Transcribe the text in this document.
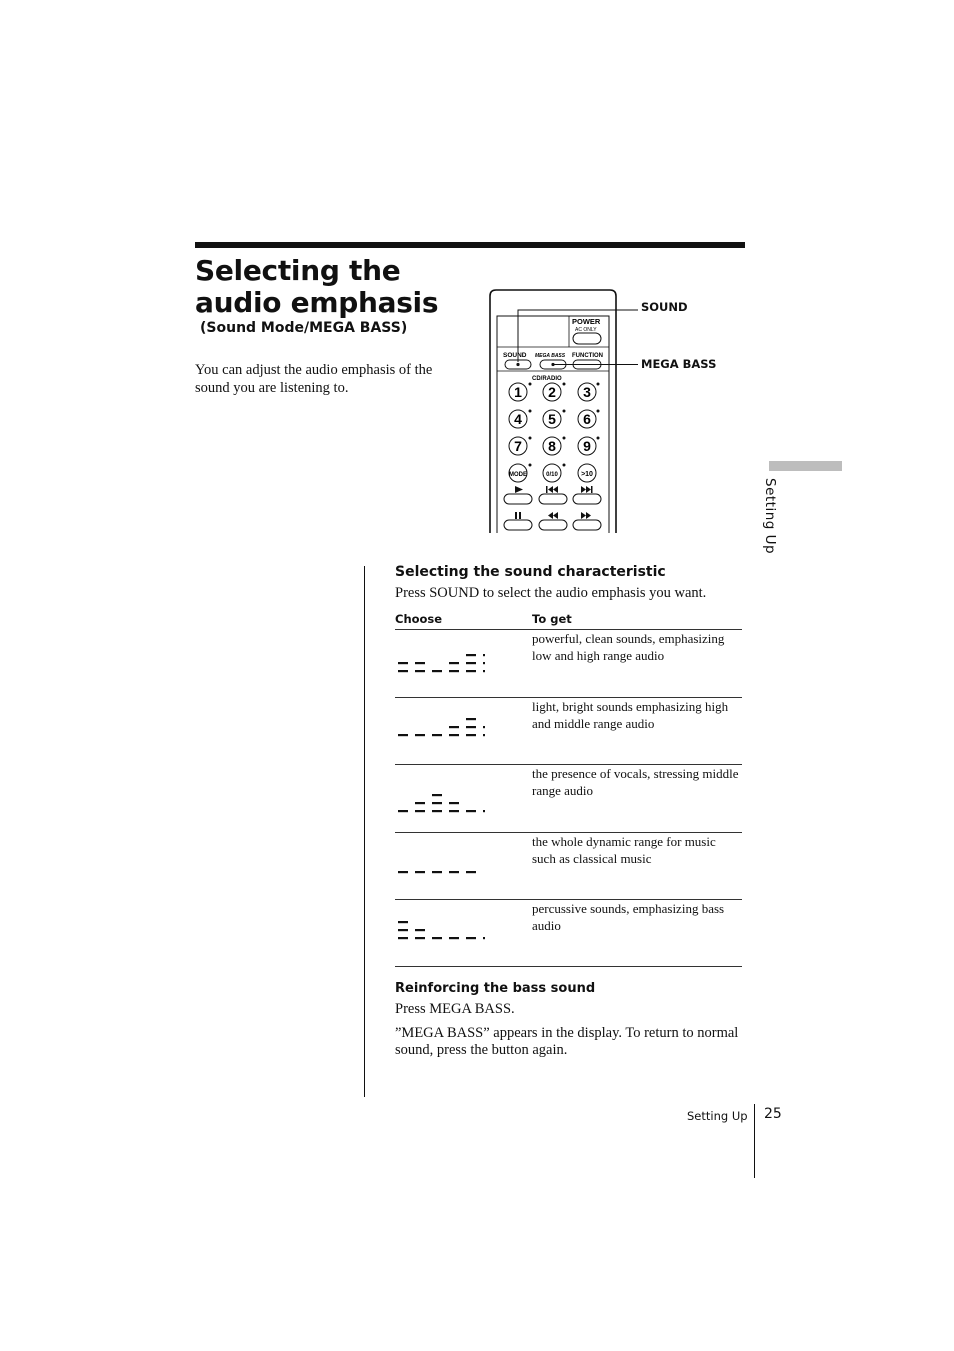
Selecting the
audio emphasis
(Sound Mode/MEGA BASS)
You can adjust the audio emphasis of the sound you are listening to.
POWER
AC ONLY
SOUND MEGA BASS FUNCTION
CD/RADIO
1 2 3
4 5 6
7 8 9
MODE	0/10	>10
SOUND
MEGA BASS
Setting Up
Selecting the sound characteristic
Press SOUND to select the audio emphasis you want.
Choose	To get
powerful, clean sounds, emphasizing low and high range audio
light, bright sounds emphasizing high and middle range audio
the presence of vocals, stressing middle range audio
the whole dynamic range for music such as classical music
percussive sounds, emphasizing bass audio
Reinforcing the bass sound
Press MEGA BASS.
”MEGA BASS” appears in the display. To return to normal sound, press the button again.
Setting Up 25
